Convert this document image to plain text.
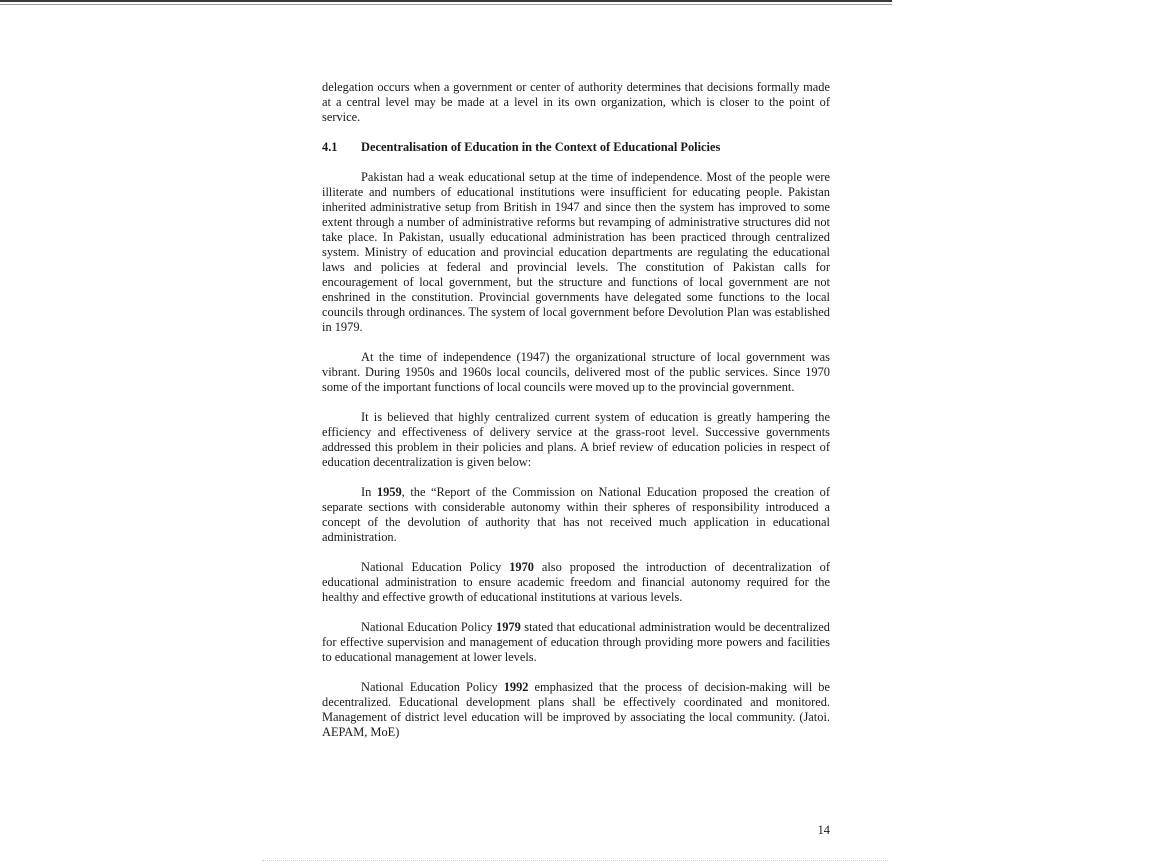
delegation occurs when a government or center of authority determines that decisions formally made at a central level may be made at a level in its own organization, which is closer to the point of service.

4.1	Decentralisation of Education in the Context of Educational Policies

Pakistan had a weak educational setup at the time of independence. Most of the people were illiterate and numbers of educational institutions were insufficient for educating people. Pakistan inherited administrative setup from British in 1947 and since then the system has improved to some extent through a number of administrative reforms but revamping of administrative structures did not take place. In Pakistan, usually educational administration has been practiced through centralized system. Ministry of education and provincial education departments are regulating the educational laws and policies at federal and provincial levels. The constitution of Pakistan calls for encouragement of local government, but the structure and functions of local government are not enshrined in the constitution. Provincial governments have delegated some functions to the local councils through ordinances. The system of local government before Devolution Plan was established in 1979.

At the time of independence (1947) the organizational structure of local government was vibrant. During 1950s and 1960s local councils, delivered most of the public services. Since 1970 some of the important functions of local councils were moved up to the provincial government.

It is believed that highly centralized current system of education is greatly hampering the efficiency and effectiveness of delivery service at the grass-root level. Successive governments addressed this problem in their policies and plans. A brief review of education policies in respect of education decentralization is given below:

In 1959, the “Report of the Commission on National Education proposed the creation of separate sections with considerable autonomy within their spheres of responsibility introduced a concept of the devolution of authority that has not received much application in educational administration.

National Education Policy 1970 also proposed the introduction of decentralization of educational administration to ensure academic freedom and financial autonomy required for the healthy and effective growth of educational institutions at various levels.

National Education Policy 1979 stated that educational administration would be decentralized for effective supervision and management of education through providing more powers and facilities to educational management at lower levels.

National Education Policy 1992 emphasized that the process of decision-making will be decentralized. Educational development plans shall be effectively coordinated and monitored. Management of district level education will be improved by associating the local community. (Jatoi. AEPAM, MoE)

14
